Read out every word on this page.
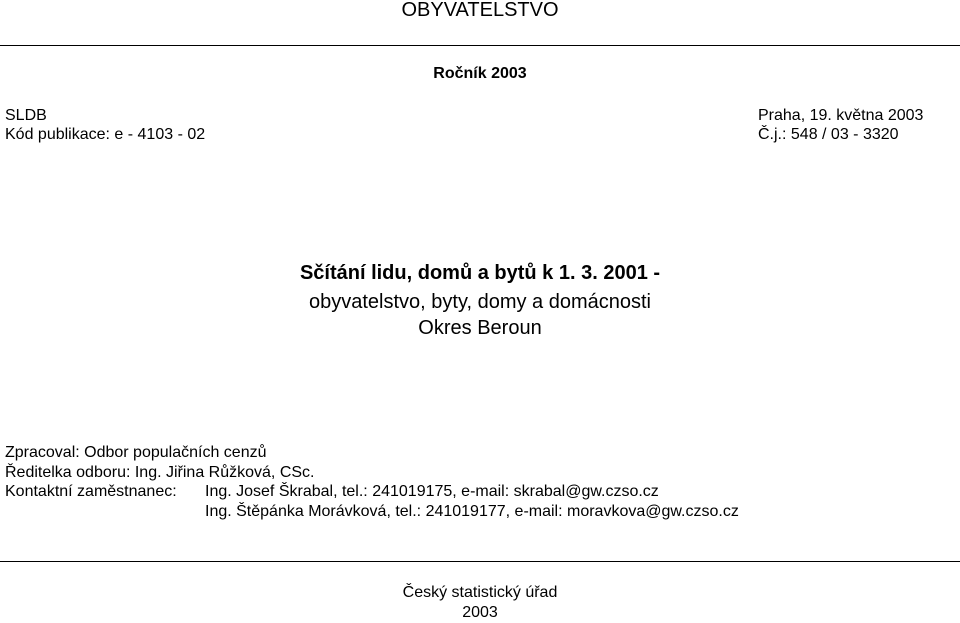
OBYVATELSTVO
Ročník 2003
SLDB
Kód publikace: e - 4103 - 02
Praha, 19. května 2003
Č.j.: 548 / 03 - 3320
Sčítání lidu, domů a bytů k 1. 3. 2001 -
obyvatelstvo, byty, domy a domácnosti
Okres Beroun
Zpracoval: Odbor populačních cenzů
Ředitelka odboru: Ing. Jiřina Růžková, CSc.
Kontaktní zaměstnanec: Ing. Josef Škrabal, tel.: 241019175, e-mail: skrabal@gw.czso.cz
Ing. Štěpánka Morávková, tel.: 241019177, e-mail: moravkova@gw.czso.cz
Český statistický úřad
2003
